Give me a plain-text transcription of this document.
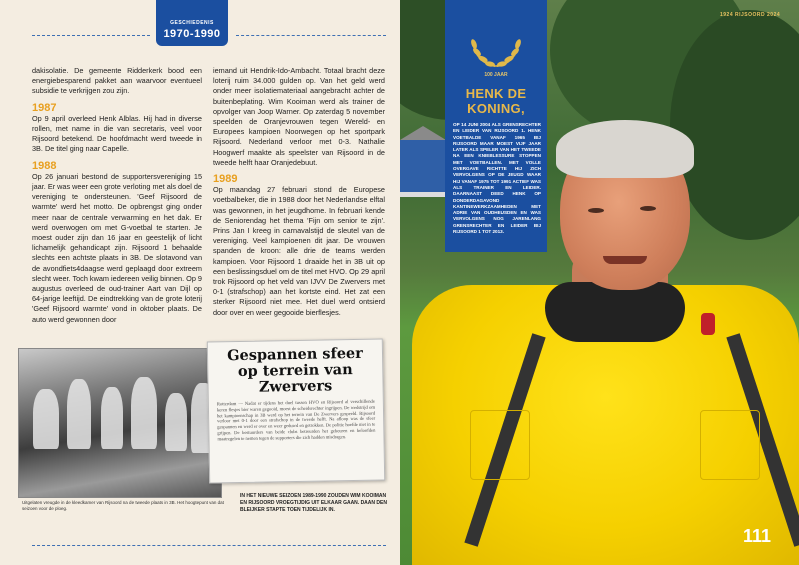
GESCHIEDENIS
1970-1990

dakisolatie. De gemeente Ridderkerk bood een energiebesparend pakket aan waarvoor eventueel subsidie te verkrijgen zou zijn.

1987

Op 9 april overleed Henk Alblas. Hij had in diverse rollen, met name in die van secretaris, veel voor Rijsoord betekend. De hoofdmacht werd tweede in 3B. De titel ging naar Capelle.

1988

Op 26 januari bestond de supportersvereniging 15 jaar. Er was weer een grote verloting met als doel de vereniging te ondersteunen. 'Geef Rijsoord de warmte' werd het motto. De opbrengst ging onder meer naar de centrale verwarming en het dak. Er werd overwogen om met G-voetbal te starten. Je moest ouder zijn dan 16 jaar en geestelijk of licht lichamelijk gehandicapt zijn. Rijsoord 1 behaalde slechts een achtste plaats in 3B. De slotavond van de avondfiets4daagse werd geplaagd door extreem slecht weer. Toch kwam iedereen veilig binnen. Op 9 augustus overleed de oud-trainer Aart van Dijl op 64-jarige leeftijd. De eindtrekking van de grote loterij 'Geef Rijsoord warmte' vond in oktober plaats. De auto werd gewonnen door

iemand uit Hendrik-Ido-Ambacht. Totaal bracht deze loterij ruim 34.000 gulden op. Van het geld werd onder meer isolatiemateriaal aangebracht achter de buitenbeplating. Wim Kooiman werd als trainer de opvolger van Joop Warner. Op zaterdag 5 november speelden de Oranjevrouwen tegen Wereld- en Europees kampioen Noorwegen op het sportpark Rijsoord. Nederland verloor met 0-3. Nathalie Hoogwerf maakte als speelster van Rijsoord in de tweede helft haar Oranjedebuut.

1989

Op maandag 27 februari stond de Europese voetbalbeker, die in 1988 door het Nederlandse elftal was gewonnen, in het jeugdhome. In februari kende de Seniorendag het thema 'Fijn om senior te zijn'. Prins Jan I kreeg in carnavalstijd de sleutel van de vereniging. Veel kampioenen dit jaar. De vrouwen spanden de kroon: alle drie de teams werden kampioen. Voor Rijsoord 1 draaide het in 3B uit op een beslissingsduel om de titel met HVO. Op 29 april trok Rijsoord op het veld van IJVV De Zwervers met 0-1 (strafschop) aan het kortste eind. Het zat een sterker Rijsoord niet mee. Het duel werd ontsierd door over en weer gegooide bierflesjes.

Uitgelaten vreugde in de kleedkamer van Rijsoord na de tweede plaats in 3B. Het hoogtepunt van dat seizoen voor de ploeg.
Gespannen sfeer op terrein van Zwervers
Rotterdam — Nadat er tijdens het duel tussen HVO en Rijsoord al verschillende keren flesjes bier waren gegooid, moest de scheidsrechter ingrijpen. De wedstrijd om het kampioenschap in 3B werd op het terrein van De Zwervers gespeeld. Rijsoord verloor met 0-1 door een strafschop in de tweede helft. Na afloop was de sfeer gespannen en werd er over en weer geduwd en getrokken. De politie hoefde niet in te grijpen. De bestuurders van beide clubs betreurden het gebeuren en beloofden maatregelen te nemen tegen de supporters die zich hadden misdragen.
IN HET NIEUWE SEIZOEN 1989-1990 ZOUDEN WIM KOOIMAN EN RIJSOORD VROEGTIJDIG UIT ELKAAR GAAN. DAAN DEN BLEIJKER STAPTE TOEN TIJDELIJK IN.
1924 RIJSOORD 2024
100 JAAR
HENK DE KONING,
OP 14 JUNI 2004 ALS GRENSRECHTER EN LEIDER VAN RIJSOORD 1. HENK VOETBALDE VANAF 1965 BIJ RIJSOORD MAAR MOEST VIJF JAAR LATER ALS SPELER VAN HET TWEEDE NA EEN KNIEBLESSURE STOPPEN MET VOETBALLEN. MET VOLLE OVERGAVE RICHTTE HIJ ZICH VERVOLGENS OP DE JEUGD WAAR HIJ VANAF 1975 TOT 1991 ACTIEF WAS ALS TRAINER EN LEIDER. DAARNAAST DEED HENK OP DONDERDAGAVOND KANTINEWERKZAAMHEDEN MET ADRIE VAN OUDHEUSDEN EN WAS VERVOLGENS NOG JARENLANG GRENSRECHTER EN LEIDER BIJ RIJSOORD 1 TOT 2013.
111
